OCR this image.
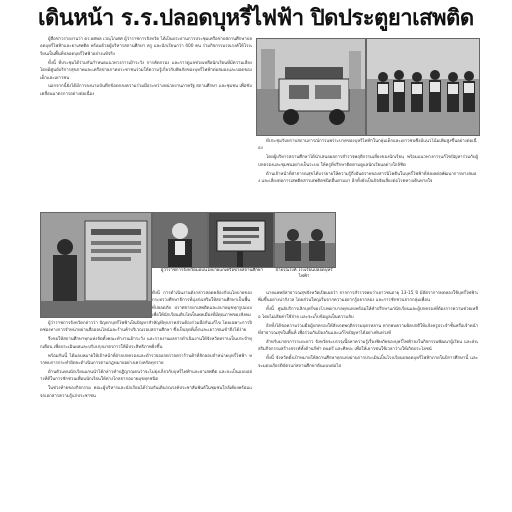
เดินหน้า ร.ร.ปลอดบุหรี่ไฟฟ้า ปิดประตูยาเสพติด

ผู้สื่อข่าวรายงานว่า ดร.ยศพล เวณุโกเศศ ผู้ว่าราชการจังหวัด ได้เป็นประธานการประชุมเครือข่ายสถานศึกษาปลอดบุหรี่ไฟฟ้าและยาเสพติด พร้อมด้วยผู้บริหารสถานศึกษา ครู และนักเรียนกว่า 400 คน ร่วมกิจกรรมรณรงค์ให้โรงเรียนเป็นพื้นที่ปลอดบุหรี่ไฟฟ้าอย่างแท้จริง

ทั้งนี้ ที่ประชุมได้ร่วมกันกำหนดแนวทางการเฝ้าระวัง การคัดกรอง และการดูแลช่วยเหลือนักเรียนที่มีความเสี่ยง โดยมีศูนย์บริการสุขภาพและเครือข่ายภาคประชาชนร่วมให้ความรู้เกี่ยวกับพิษภัยของบุหรี่ไฟฟ้าต่อสมองและปอดของเด็กและเยาวชน

นอกจากนี้ยังได้มีการลงนามบันทึกข้อตกลงความร่วมมือระหว่างหน่วยงานภาครัฐ สถานศึกษา และชุมชน เพื่อขับเคลื่อนมาตรการอย่างต่อเนื่อง

ที่ประชุมรับทราบสถานการณ์การแพร่ระบาดของบุหรี่ไฟฟ้าในกลุ่มเด็กและเยาวชนซึ่งมีแนวโน้มเพิ่มสูงขึ้นอย่างต่อเนื่อง

โดยผู้บริหารสถานศึกษาได้นำเสนอผลการสำรวจพฤติกรรมเสี่ยงของนักเรียน พร้อมแนวทางการแก้ไขปัญหาร่วมกับผู้ปกครองและชุมชนอย่างเป็นระบบ ให้ครูที่ปรึกษาติดตามดูแลนักเรียนอย่างใกล้ชิด

ด้านเจ้าหน้าที่สาธารณสุขได้บรรยายให้ความรู้ถึงอันตรายของสารนิโคตินในบุหรี่ไฟฟ้าที่ส่งผลต่อพัฒนาการทางสมอง และเสี่ยงต่อการเสพติดสารเสพติดชนิดอื่นตามมา อีกทั้งยังเป็นปัจจัยเสี่ยงต่อโรคทางเดินหายใจ

ผู้ว่าราชการจังหวัดมอบนโยบายแก่เครือข่ายสถานศึกษา	ป้ายรณรงค์ โรงเรียนปลอดบุหรี่ไฟฟ้า

ทั้งนี้ การดำเนินงานดังกล่าวสอดคล้องกับนโยบายของกระทรวงศึกษาธิการที่มุ่งส่งเสริมให้สถานศึกษาเป็นพื้นที่ปลอดภัย ปราศจากยาเสพติดและอบายมุขทุกรูปแบบ เพื่อให้นักเรียนเติบโตเป็นพลเมืองที่มีคุณภาพของสังคม

ผู้ว่าราชการจังหวัดกล่าวว่า ปัญหาบุหรี่ไฟฟ้าเป็นปัญหาสำคัญที่ทุกภาคส่วนต้องร่วมมือกันแก้ไข โดยเฉพาะการปิดช่องทางการจำหน่ายผ่านสื่อออนไลน์และร้านค้าบริเวณรอบสถานศึกษา ซึ่งเป็นจุดที่เด็กและเยาวชนเข้าถึงได้ง่าย

จึงขอให้สถานศึกษาทุกแห่งจัดตั้งคณะทำงานเฝ้าระวัง และรายงานผลการดำเนินงานให้จังหวัดทราบเป็นประจำทุกเดือน เพื่อประเมินผลและปรับปรุงมาตรการให้มีประสิทธิภาพยิ่งขึ้น

พร้อมกันนี้ ได้มอบหมายให้เจ้าหน้าที่ฝ่ายปกครองและตำรวจออกตรวจตราร้านค้าที่ลักลอบจำหน่ายบุหรี่ไฟฟ้า หากพบการกระทำผิดจะดำเนินการตามกฎหมายอย่างเคร่งครัดทุกราย

ด้านตัวแทนนักเรียนแกนนำได้กล่าวคำปฏิญาณตนว่าจะไม่ยุ่งเกี่ยวกับบุหรี่ไฟฟ้าและยาเสพติด และจะเป็นแบบอย่างที่ดีในการชักชวนเพื่อนนักเรียนให้ห่างไกลจากอบายมุขทุกชนิด

ในช่วงท้ายของกิจกรรม คณะผู้บริหารและนักเรียนได้ร่วมกันเดินรณรงค์ประชาสัมพันธ์ในชุมชนใกล้เคียงพร้อมแจกเอกสารความรู้แก่ประชาชน

นายแพทย์สาธารณสุขจังหวัดเปิดเผยว่า จากการสำรวจพบว่าเยาวชนอายุ 13-15 ปี มีอัตราการทดลองใช้บุหรี่ไฟฟ้าเพิ่มขึ้นอย่างน่ากังวล โดยส่วนใหญ่เริ่มจากความอยากรู้อยากลอง และการชักชวนจากกลุ่มเพื่อน

ทั้งนี้ ศูนย์บริการเลิกบุหรี่ของโรงพยาบาลทุกแห่งพร้อมให้คำปรึกษาแก่นักเรียนและผู้ปกครองที่ต้องการความช่วยเหลือ โดยไม่เสียค่าใช้จ่าย และจะเก็บข้อมูลเป็นความลับ

อีกทั้งได้ขอความร่วมมือผู้ปกครองให้สังเกตพฤติกรรมบุตรหลาน หากพบความผิดปกติให้แจ้งครูประจำชั้นหรือเจ้าหน้าที่สาธารณสุขในพื้นที่ เพื่อร่วมกันป้องกันและแก้ไขปัญหาได้อย่างทันท่วงที

สำหรับมาตรการระยะยาว จังหวัดจะบรรจุเนื้อหาความรู้เรื่องพิษภัยของบุหรี่ไฟฟ้าลงในกิจกรรมพัฒนาผู้เรียน และส่งเสริมกิจกรรมสร้างสรรค์ทั้งด้านกีฬา ดนตรี และศิลปะ เพื่อให้เยาวชนใช้เวลาว่างให้เกิดประโยชน์

ทั้งนี้ จังหวัดตั้งเป้าหมายให้สถานศึกษาทุกแห่งผ่านการประเมินเป็นโรงเรียนปลอดบุหรี่ไฟฟ้าภายในปีการศึกษานี้ และจะมอบเกียรติบัตรแก่สถานศึกษาต้นแบบต่อไป
